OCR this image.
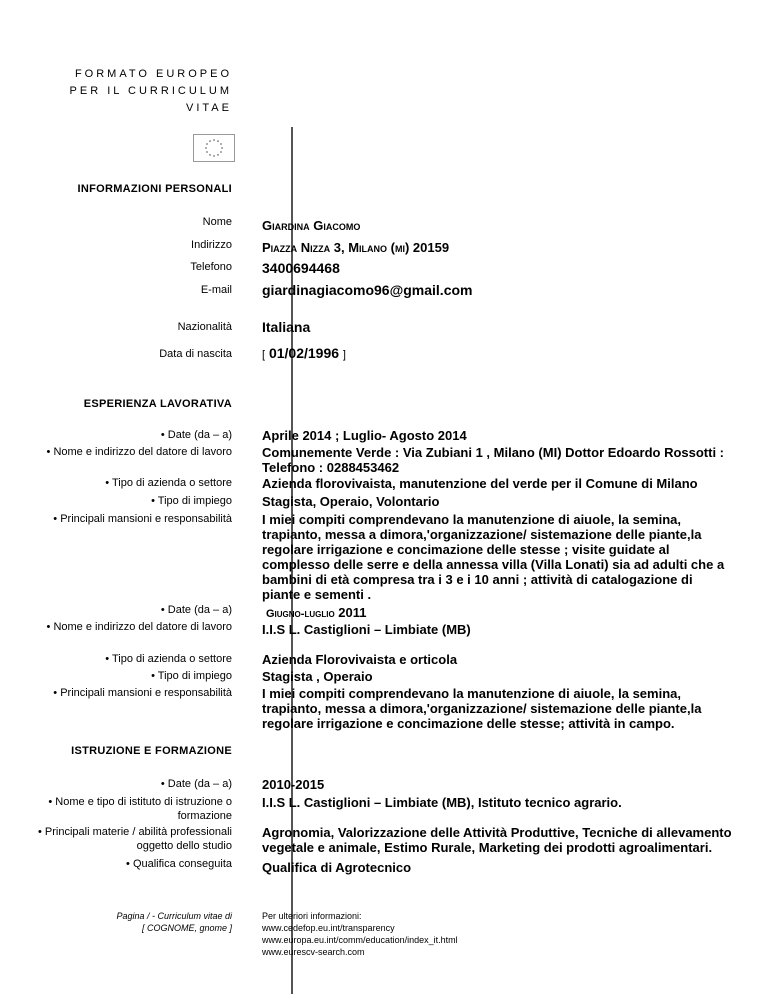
FORMATO EUROPEO
PER IL CURRICULUM
VITAE
INFORMAZIONI PERSONALI
Nome Giardina Giacomo
Indirizzo Piazza Nizza 3, Milano (mi) 20159
Telefono 3400694468
E-mail giardinagiacomo96@gmail.com
Nazionalità Italiana
Data di nascita	[ 01/02/1996 ]
ESPERIENZA LAVORATIVA
• Date (da – a)
• Nome e indirizzo del datore di lavoro
• Tipo di azienda o settore
• Tipo di impiego
• Principali mansioni e responsabilità
Aprile 2014 ; Luglio- Agosto 2014
Comunemente Verde : Via Zubiani 1 , Milano (MI) Dottor Edoardo Rossotti : Telefono : 0288453462
Azienda florovivaista, manutenzione del verde per il Comune di Milano
Stagista, Operaio, Volontario
I miei compiti comprendevano la manutenzione di aiuole, la semina, trapianto, messa a dimora,'organizzazione/ sistemazione delle piante,la regolare irrigazione e concimazione delle stesse ; visite guidate al complesso delle serre e della annessa villa (Villa Lonati) sia ad adulti che a bambini di età compresa tra i 3 e i 10 anni ; attività di catalogazione di piante e sementi .
• Date (da – a)
• Nome e indirizzo del datore di lavoro
• Tipo di azienda o settore
• Tipo di impiego
• Principali mansioni e responsabilità
Giugno-luglio 2011
I.I.S L. Castiglioni – Limbiate (MB)
Azienda Florovivaista e orticola
Stagista , Operaio
I miei compiti comprendevano la manutenzione di aiuole, la semina, trapianto, messa a dimora,'organizzazione/ sistemazione delle piante,la regolare irrigazione e concimazione delle stesse; attività in campo.
ISTRUZIONE E FORMAZIONE
• Date (da – a)
• Nome e tipo di istituto di istruzione o formazione
• Principali materie / abilità professionali oggetto dello studio
• Qualifica conseguita
2010-2015
I.I.S L. Castiglioni – Limbiate (MB), Istituto tecnico agrario.
Agronomia, Valorizzazione delle Attività Produttive, Tecniche di allevamento vegetale e animale, Estimo Rurale, Marketing dei prodotti agroalimentari.
Qualifica di Agrotecnico
Pagina / - Curriculum vitae di
[ COGNOME, gnome ]
Per ulteriori informazioni:
www.cedefop.eu.int/transparency
www.europa.eu.int/comm/education/index_it.html
www.eurescv-search.com
